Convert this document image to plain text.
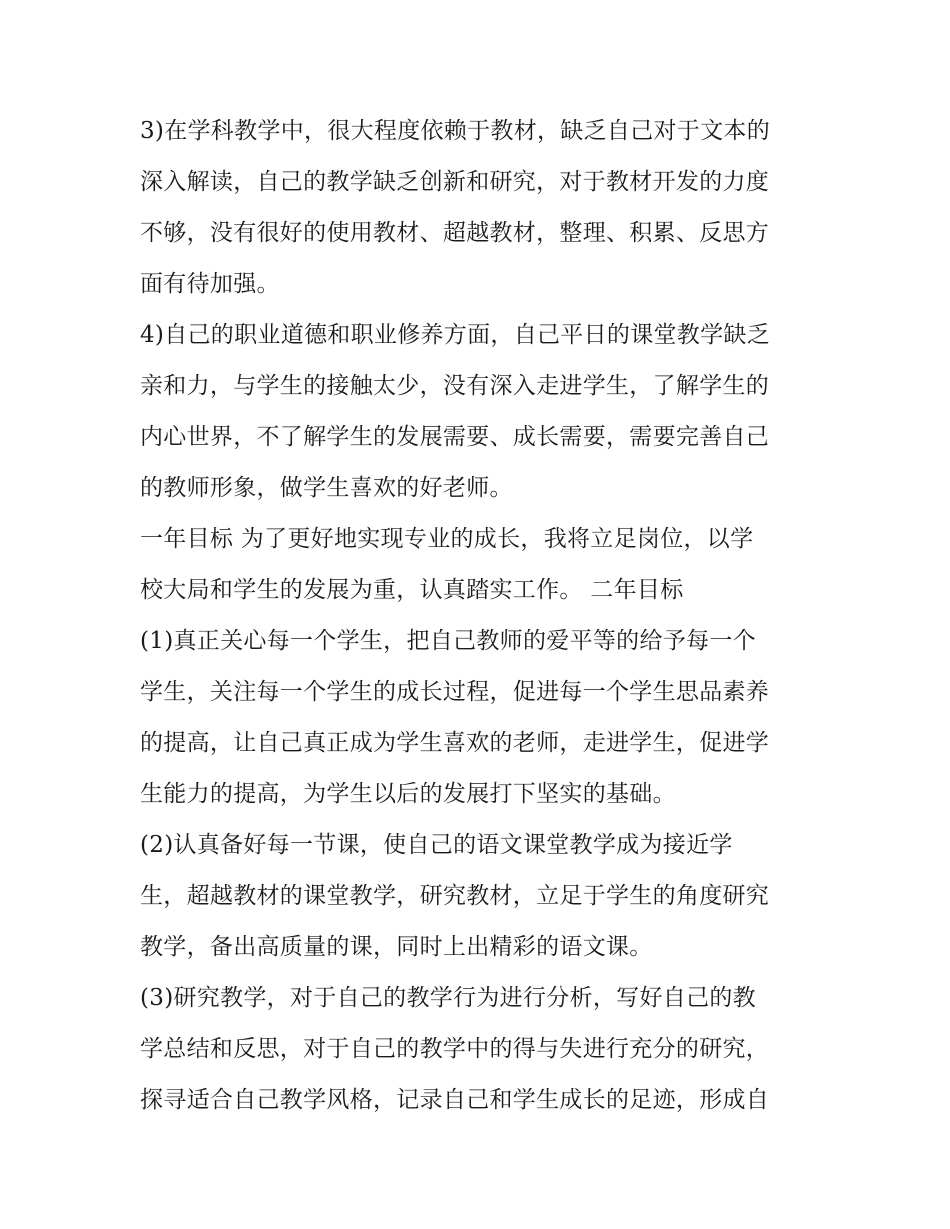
3)在学科教学中，很大程度依赖于教材，缺乏自己对于文本的
深入解读，自己的教学缺乏创新和研究，对于教材开发的力度
不够，没有很好的使用教材、超越教材，整理、积累、反思方
面有待加强。
4)自己的职业道德和职业修养方面，自己平日的课堂教学缺乏
亲和力，与学生的接触太少，没有深入走进学生，了解学生的
内心世界，不了解学生的发展需要、成长需要，需要完善自己
的教师形象，做学生喜欢的好老师。
一年目标 为了更好地实现专业的成长，我将立足岗位，以学
校大局和学生的发展为重，认真踏实工作。 二年目标
(1)真正关心每一个学生，把自己教师的爱平等的给予每一个
学生，关注每一个学生的成长过程，促进每一个学生思品素养
的提高，让自己真正成为学生喜欢的老师，走进学生，促进学
生能力的提高，为学生以后的发展打下坚实的基础。
(2)认真备好每一节课，使自己的语文课堂教学成为接近学
生，超越教材的课堂教学，研究教材，立足于学生的角度研究
教学，备出高质量的课，同时上出精彩的语文课。
(3)研究教学，对于自己的教学行为进行分析，写好自己的教
学总结和反思，对于自己的教学中的得与失进行充分的研究，
探寻适合自己教学风格，记录自己和学生成长的足迹，形成自
